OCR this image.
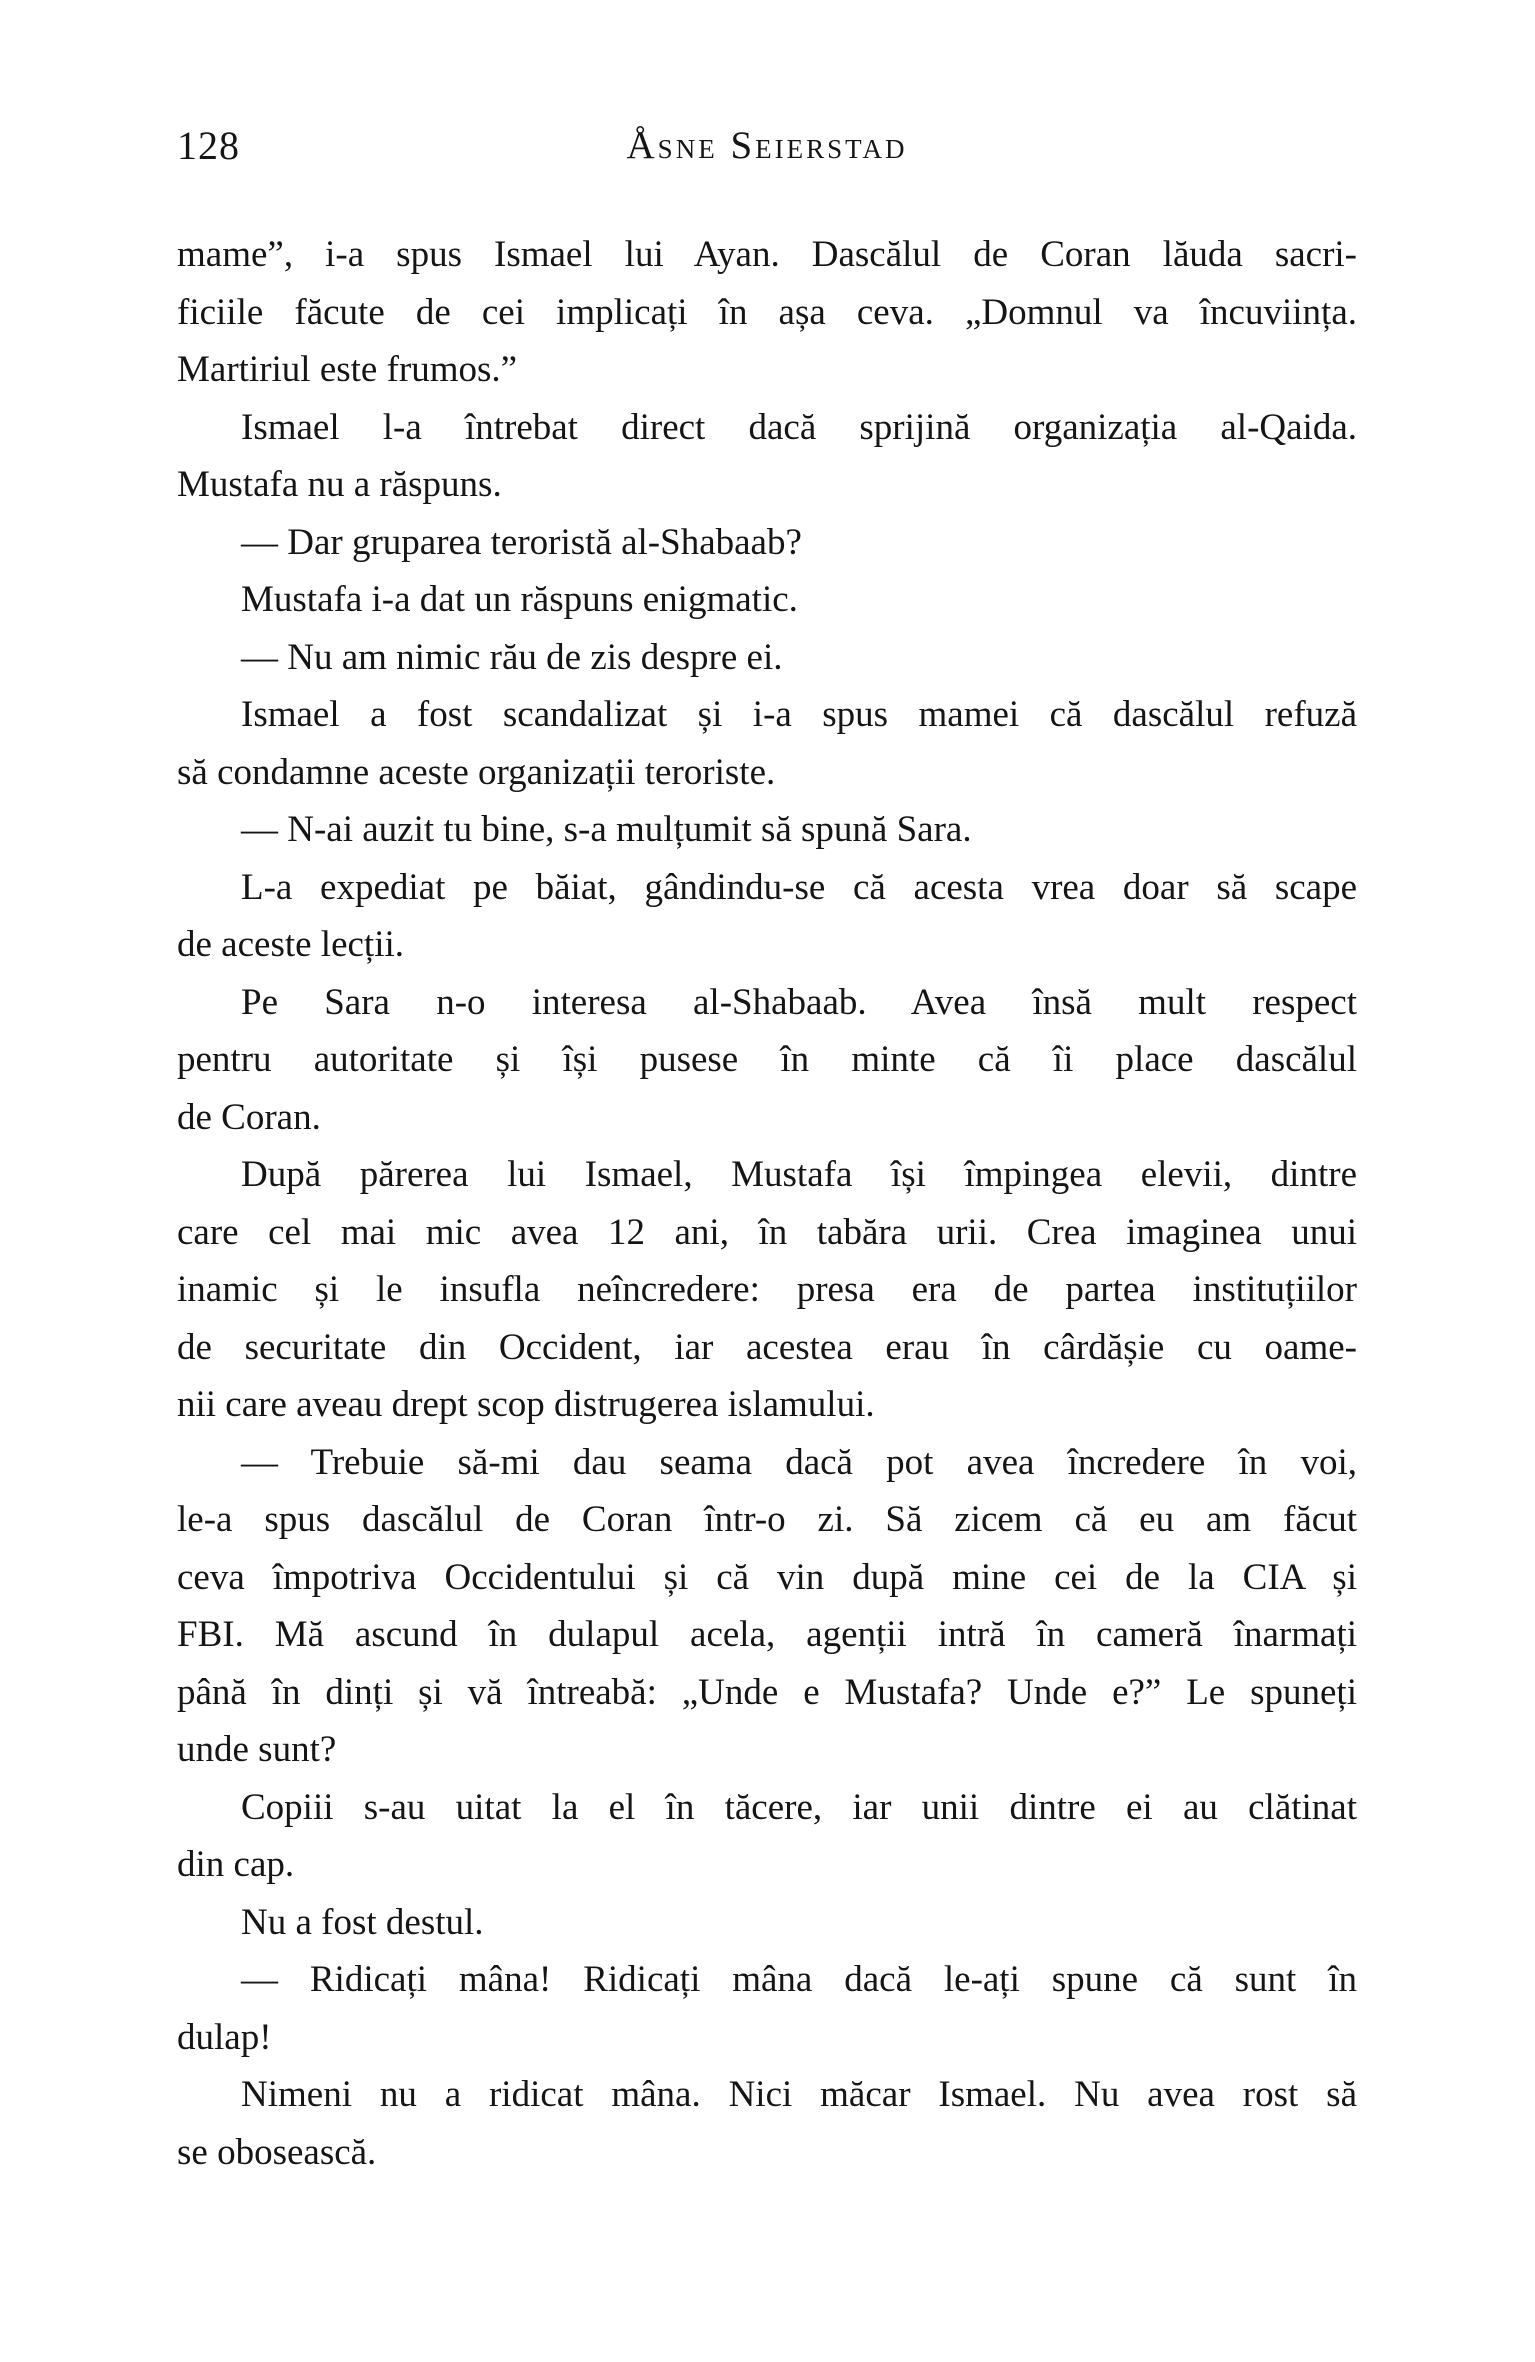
128	Åsne Seierstad
mame”, i-a spus Ismael lui Ayan. Dascălul de Coran lăuda sacri-
ficiile făcute de cei implicați în așa ceva. „Domnul va încuviința.
Martiriul este frumos.”
Ismael l-a întrebat direct dacă sprijină organizația al-Qaida.
Mustafa nu a răspuns.
— Dar gruparea teroristă al-Shabaab?
Mustafa i-a dat un răspuns enigmatic.
— Nu am nimic rău de zis despre ei.
Ismael a fost scandalizat și i-a spus mamei că dascălul refuză
să condamne aceste organizații teroriste.
— N-ai auzit tu bine, s-a mulțumit să spună Sara.
L-a expediat pe băiat, gândindu-se că acesta vrea doar să scape
de aceste lecții.
Pe Sara n-o interesa al-Shabaab. Avea însă mult respect
pentru autoritate și își pusese în minte că îi place dascălul
de Coran.
După părerea lui Ismael, Mustafa își împingea elevii, dintre
care cel mai mic avea 12 ani, în tabăra urii. Crea imaginea unui
inamic și le insufla neîncredere: presa era de partea instituțiilor
de securitate din Occident, iar acestea erau în cârdășie cu oame-
nii care aveau drept scop distrugerea islamului.
— Trebuie să-mi dau seama dacă pot avea încredere în voi,
le-a spus dascălul de Coran într-o zi. Să zicem că eu am făcut
ceva împotriva Occidentului și că vin după mine cei de la CIA și
FBI. Mă ascund în dulapul acela, agenții intră în cameră înarmați
până în dinți și vă întreabă: „Unde e Mustafa? Unde e?” Le spuneți
unde sunt?
Copiii s-au uitat la el în tăcere, iar unii dintre ei au clătinat
din cap.
Nu a fost destul.
— Ridicați mâna! Ridicați mâna dacă le-ați spune că sunt în
dulap!
Nimeni nu a ridicat mâna. Nici măcar Ismael. Nu avea rost să
se obosească.
